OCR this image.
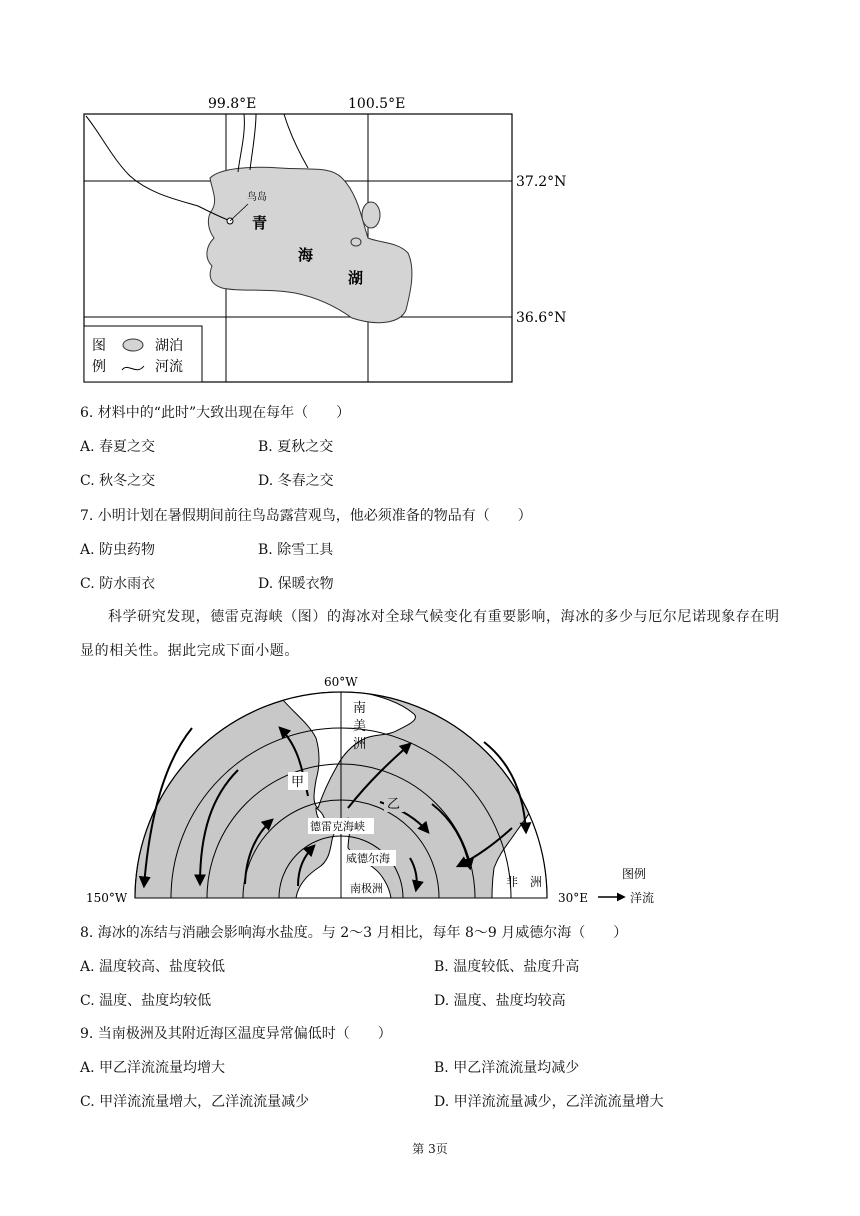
鸟岛
青
海
湖
99.8°E	100.5°E
37.2°N
36.6°N
图
例
湖泊
河流
6. 材料中的“此时”大致出现在每年（　　）
A. 春夏之交	B. 夏秋之交
C. 秋冬之交	D. 冬春之交
7. 小明计划在暑假期间前往鸟岛露营观鸟，他必须准备的物品有（　　）
A. 防虫药物	B. 除雪工具
C. 防水雨衣	D. 保暖衣物
科学研究发现，德雷克海峡（图）的海冰对全球气候变化有重要影响，海冰的多少与厄尔尼诺现象存在明显的相关性。据此完成下面小题。
60°W
150°W	30°E
南
美
洲
甲
乙
德雷克海峡
威德尔海
南极洲	非　洲
图例
洋流
8. 海冰的冻结与消融会影响海水盐度。与 2～3 月相比，每年 8～9 月威德尔海（　　）
A. 温度较高、盐度较低	B. 温度较低、盐度升高
C. 温度、盐度均较低	D. 温度、盐度均较高
9. 当南极洲及其附近海区温度异常偏低时（　　）
A. 甲乙洋流流量均增大	B. 甲乙洋流流量均减少
C. 甲洋流流量增大，乙洋流流量减少	D. 甲洋流流量减少，乙洋流流量增大
第 3页
